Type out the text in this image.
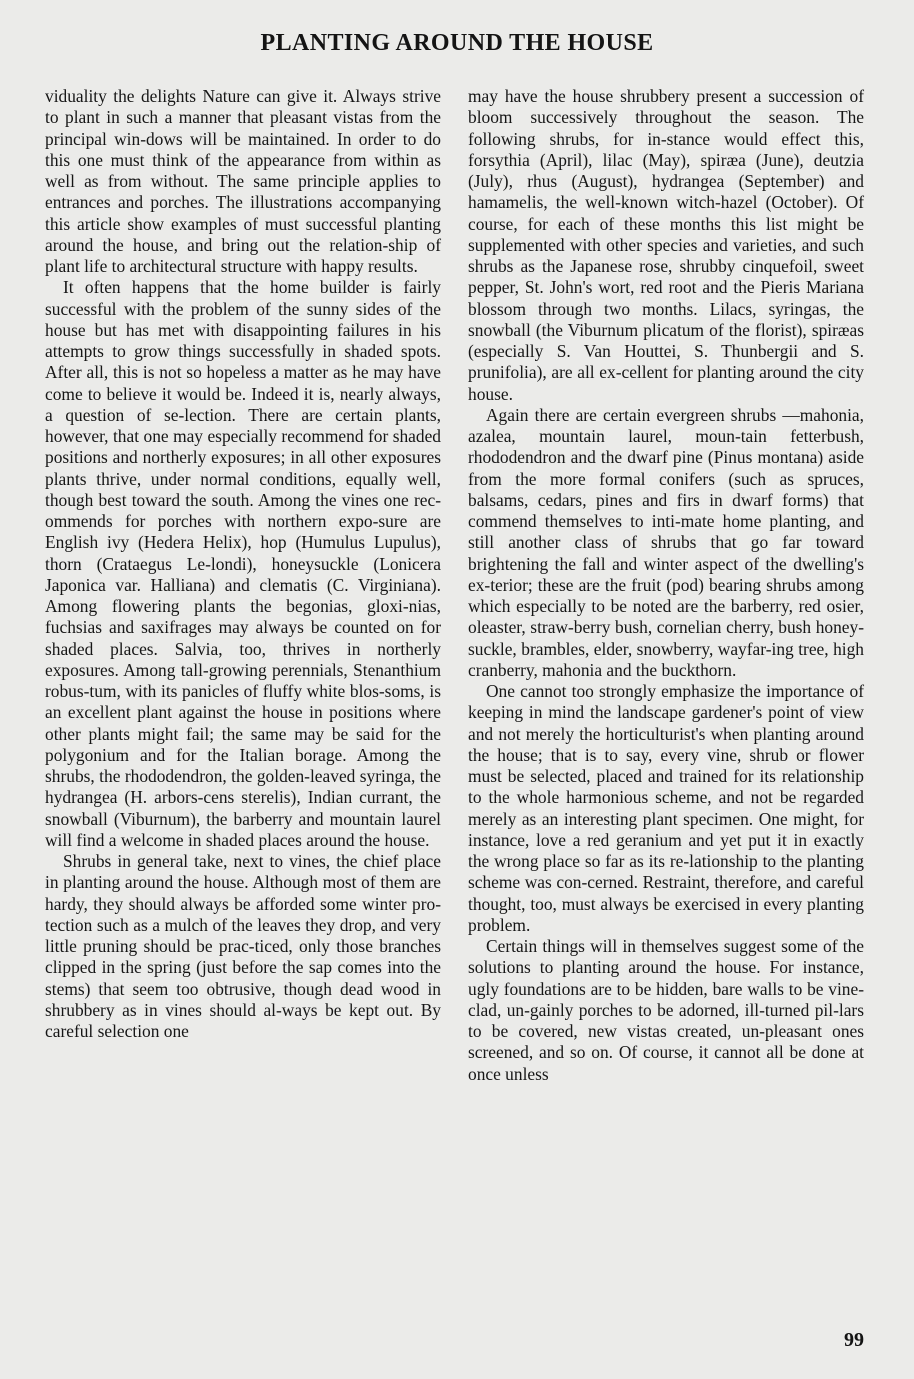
PLANTING AROUND THE HOUSE

viduality the delights Nature can give it. Always strive to plant in such a manner that pleasant vistas from the principal win-dows will be maintained. In order to do this one must think of the appearance from within as well as from without. The same principle applies to entrances and porches. The illustrations accompanying this article show examples of must successful planting around the house, and bring out the relation-ship of plant life to architectural structure with happy results.

It often happens that the home builder is fairly successful with the problem of the sunny sides of the house but has met with disappointing failures in his attempts to grow things successfully in shaded spots. After all, this is not so hopeless a matter as he may have come to believe it would be. Indeed it is, nearly always, a question of se-lection. There are certain plants, however, that one may especially recommend for shaded positions and northerly exposures; in all other exposures plants thrive, under normal conditions, equally well, though best toward the south. Among the vines one rec-ommends for porches with northern expo-sure are English ivy (Hedera Helix), hop (Humulus Lupulus), thorn (Crataegus Le-londi), honeysuckle (Lonicera Japonica var. Halliana) and clematis (C. Virginiana). Among flowering plants the begonias, gloxi-nias, fuchsias and saxifrages may always be counted on for shaded places. Salvia, too, thrives in northerly exposures. Among tall-growing perennials, Stenanthium robus-tum, with its panicles of fluffy white blos-soms, is an excellent plant against the house in positions where other plants might fail; the same may be said for the polygonium and for the Italian borage. Among the shrubs, the rhododendron, the golden-leaved syringa, the hydrangea (H. arbors-cens sterelis), Indian currant, the snowball (Viburnum), the barberry and mountain laurel will find a welcome in shaded places around the house.

Shrubs in general take, next to vines, the chief place in planting around the house. Although most of them are hardy, they should always be afforded some winter pro-tection such as a mulch of the leaves they drop, and very little pruning should be prac-ticed, only those branches clipped in the spring (just before the sap comes into the stems) that seem too obtrusive, though dead wood in shrubbery as in vines should al-ways be kept out. By careful selection one

may have the house shrubbery present a succession of bloom successively throughout the season. The following shrubs, for in-stance would effect this, forsythia (April), lilac (May), spiræa (June), deutzia (July), rhus (August), hydrangea (September) and hamamelis, the well-known witch-hazel (October). Of course, for each of these months this list might be supplemented with other species and varieties, and such shrubs as the Japanese rose, shrubby cinquefoil, sweet pepper, St. John's wort, red root and the Pieris Mariana blossom through two months. Lilacs, syringas, the snowball (the Viburnum plicatum of the florist), spiræas (especially S. Van Houttei, S. Thunbergii and S. prunifolia), are all ex-cellent for planting around the city house.

Again there are certain evergreen shrubs —mahonia, azalea, mountain laurel, moun-tain fetterbush, rhododendron and the dwarf pine (Pinus montana) aside from the more formal conifers (such as spruces, balsams, cedars, pines and firs in dwarf forms) that commend themselves to inti-mate home planting, and still another class of shrubs that go far toward brightening the fall and winter aspect of the dwelling's ex-terior; these are the fruit (pod) bearing shrubs among which especially to be noted are the barberry, red osier, oleaster, straw-berry bush, cornelian cherry, bush honey-suckle, brambles, elder, snowberry, wayfar-ing tree, high cranberry, mahonia and the buckthorn.

One cannot too strongly emphasize the importance of keeping in mind the landscape gardener's point of view and not merely the horticulturist's when planting around the house; that is to say, every vine, shrub or flower must be selected, placed and trained for its relationship to the whole harmonious scheme, and not be regarded merely as an interesting plant specimen. One might, for instance, love a red geranium and yet put it in exactly the wrong place so far as its re-lationship to the planting scheme was con-cerned. Restraint, therefore, and careful thought, too, must always be exercised in every planting problem.

Certain things will in themselves suggest some of the solutions to planting around the house. For instance, ugly foundations are to be hidden, bare walls to be vine-clad, un-gainly porches to be adorned, ill-turned pil-lars to be covered, new vistas created, un-pleasant ones screened, and so on. Of course, it cannot all be done at once unless

99
